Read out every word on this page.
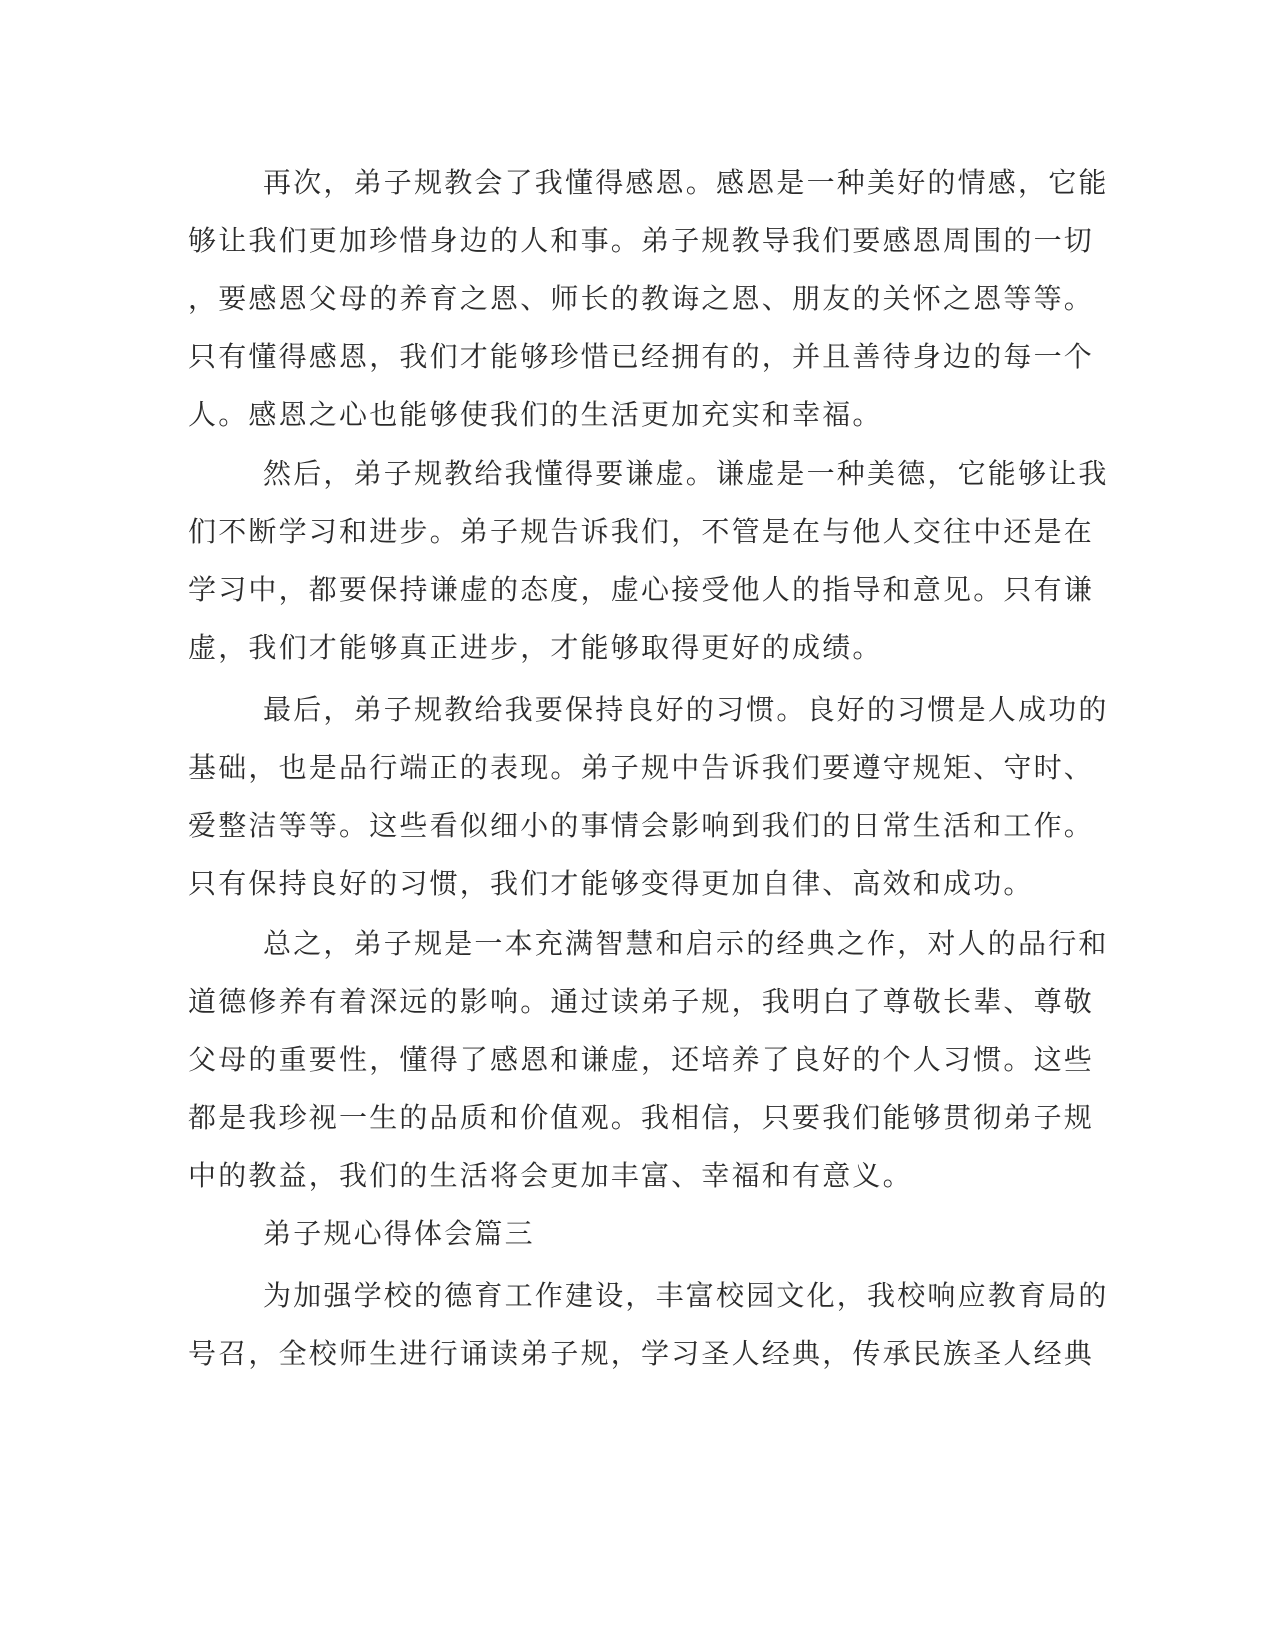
再次，弟子规教会了我懂得感恩。感恩是一种美好的情感，它能
够让我们更加珍惜身边的人和事。弟子规教导我们要感恩周围的一切
，要感恩父母的养育之恩、师长的教诲之恩、朋友的关怀之恩等等。
只有懂得感恩，我们才能够珍惜已经拥有的，并且善待身边的每一个
人。感恩之心也能够使我们的生活更加充实和幸福。
然后，弟子规教给我懂得要谦虚。谦虚是一种美德，它能够让我
们不断学习和进步。弟子规告诉我们，不管是在与他人交往中还是在
学习中，都要保持谦虚的态度，虚心接受他人的指导和意见。只有谦
虚，我们才能够真正进步，才能够取得更好的成绩。
最后，弟子规教给我要保持良好的习惯。良好的习惯是人成功的
基础，也是品行端正的表现。弟子规中告诉我们要遵守规矩、守时、
爱整洁等等。这些看似细小的事情会影响到我们的日常生活和工作。
只有保持良好的习惯，我们才能够变得更加自律、高效和成功。
总之，弟子规是一本充满智慧和启示的经典之作，对人的品行和
道德修养有着深远的影响。通过读弟子规，我明白了尊敬长辈、尊敬
父母的重要性，懂得了感恩和谦虚，还培养了良好的个人习惯。这些
都是我珍视一生的品质和价值观。我相信，只要我们能够贯彻弟子规
中的教益，我们的生活将会更加丰富、幸福和有意义。
弟子规心得体会篇三
为加强学校的德育工作建设，丰富校园文化，我校响应教育局的
号召，全校师生进行诵读弟子规，学习圣人经典，传承民族圣人经典
